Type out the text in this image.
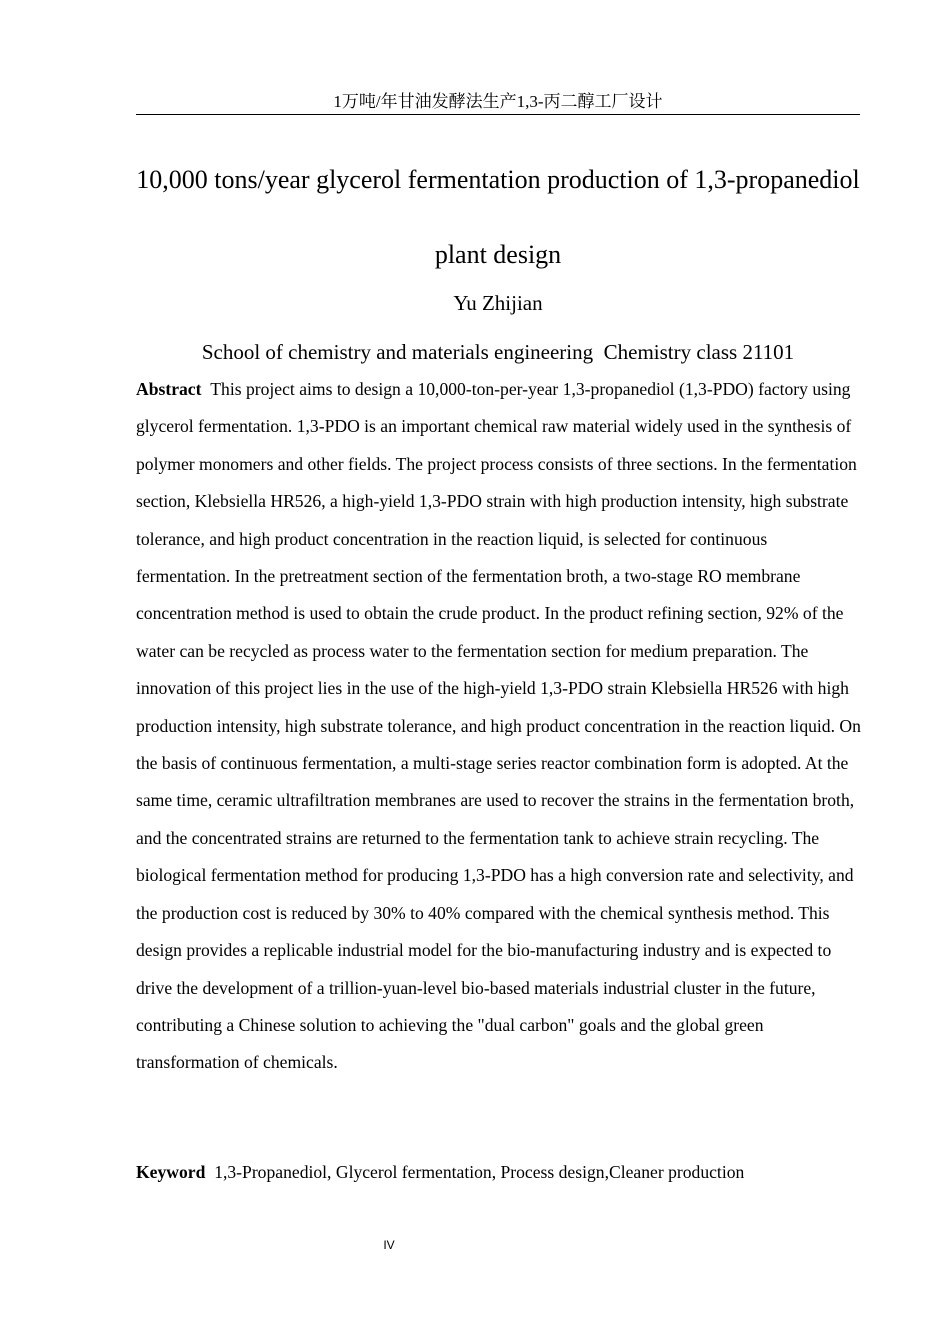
1万吨/年甘油发酵法生产1,3-丙二醇工厂设计
10,000 tons/year glycerol fermentation production of 1,3-propanediol plant design
Yu Zhijian
School of chemistry and materials engineering  Chemistry class 21101

Abstract This project aims to design a 10,000-ton-per-year 1,3-propanediol (1,3-PDO) factory using glycerol fermentation. 1,3-PDO is an important chemical raw material widely used in the synthesis of polymer monomers and other fields. The project process consists of three sections. In the fermentation section, Klebsiella HR526, a high-yield 1,3-PDO strain with high production intensity, high substrate tolerance, and high product concentration in the reaction liquid, is selected for continuous fermentation. In the pretreatment section of the fermentation broth, a two-stage RO membrane concentration method is used to obtain the crude product. In the product refining section, 92% of the water can be recycled as process water to the fermentation section for medium preparation. The innovation of this project lies in the use of the high-yield 1,3-PDO strain Klebsiella HR526 with high production intensity, high substrate tolerance, and high product concentration in the reaction liquid. On the basis of continuous fermentation, a multi-stage series reactor combination form is adopted. At the same time, ceramic ultrafiltration membranes are used to recover the strains in the fermentation broth, and the concentrated strains are returned to the fermentation tank to achieve strain recycling. The biological fermentation method for producing 1,3-PDO has a high conversion rate and selectivity, and the production cost is reduced by 30% to 40% compared with the chemical synthesis method. This design provides a replicable industrial model for the bio-manufacturing industry and is expected to drive the development of a trillion-yuan-level bio-based materials industrial cluster in the future, contributing a Chinese solution to achieving the "dual carbon" goals and the global green transformation of chemicals.

Keyword 1,3-Propanediol, Glycerol fermentation, Process design,Cleaner production

IV
